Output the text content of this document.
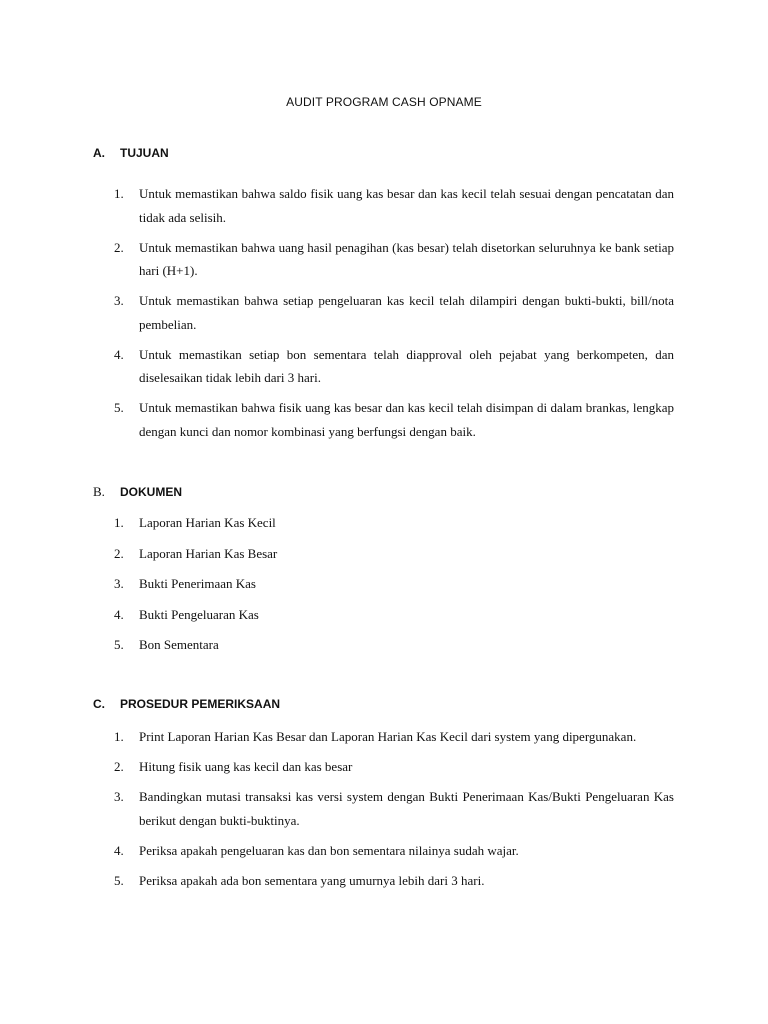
AUDIT PROGRAM CASH OPNAME
A. TUJUAN
1. Untuk memastikan bahwa saldo fisik uang kas besar dan kas kecil telah sesuai dengan pencatatan dan tidak ada selisih.
2. Untuk memastikan bahwa uang hasil penagihan (kas besar) telah disetorkan seluruhnya ke bank setiap hari (H+1).
3. Untuk memastikan bahwa setiap pengeluaran kas kecil telah dilampiri dengan bukti-bukti, bill/nota pembelian.
4. Untuk memastikan setiap bon sementara telah diapproval oleh pejabat yang berkompeten, dan diselesaikan tidak lebih dari 3 hari.
5. Untuk memastikan bahwa fisik uang kas besar dan kas kecil telah disimpan di dalam brankas, lengkap dengan kunci dan nomor kombinasi yang berfungsi dengan baik.
B. DOKUMEN
1. Laporan Harian Kas Kecil
2. Laporan Harian Kas Besar
3. Bukti Penerimaan Kas
4. Bukti Pengeluaran Kas
5. Bon Sementara
C. PROSEDUR PEMERIKSAAN
1. Print Laporan Harian Kas Besar dan Laporan Harian Kas Kecil dari system yang dipergunakan.
2. Hitung fisik uang kas kecil dan kas besar
3. Bandingkan mutasi transaksi kas versi system dengan Bukti Penerimaan Kas/Bukti Pengeluaran Kas berikut dengan bukti-buktinya.
4. Periksa apakah pengeluaran kas dan bon sementara nilainya sudah wajar.
5. Periksa apakah ada bon sementara yang umurnya lebih dari 3 hari.
